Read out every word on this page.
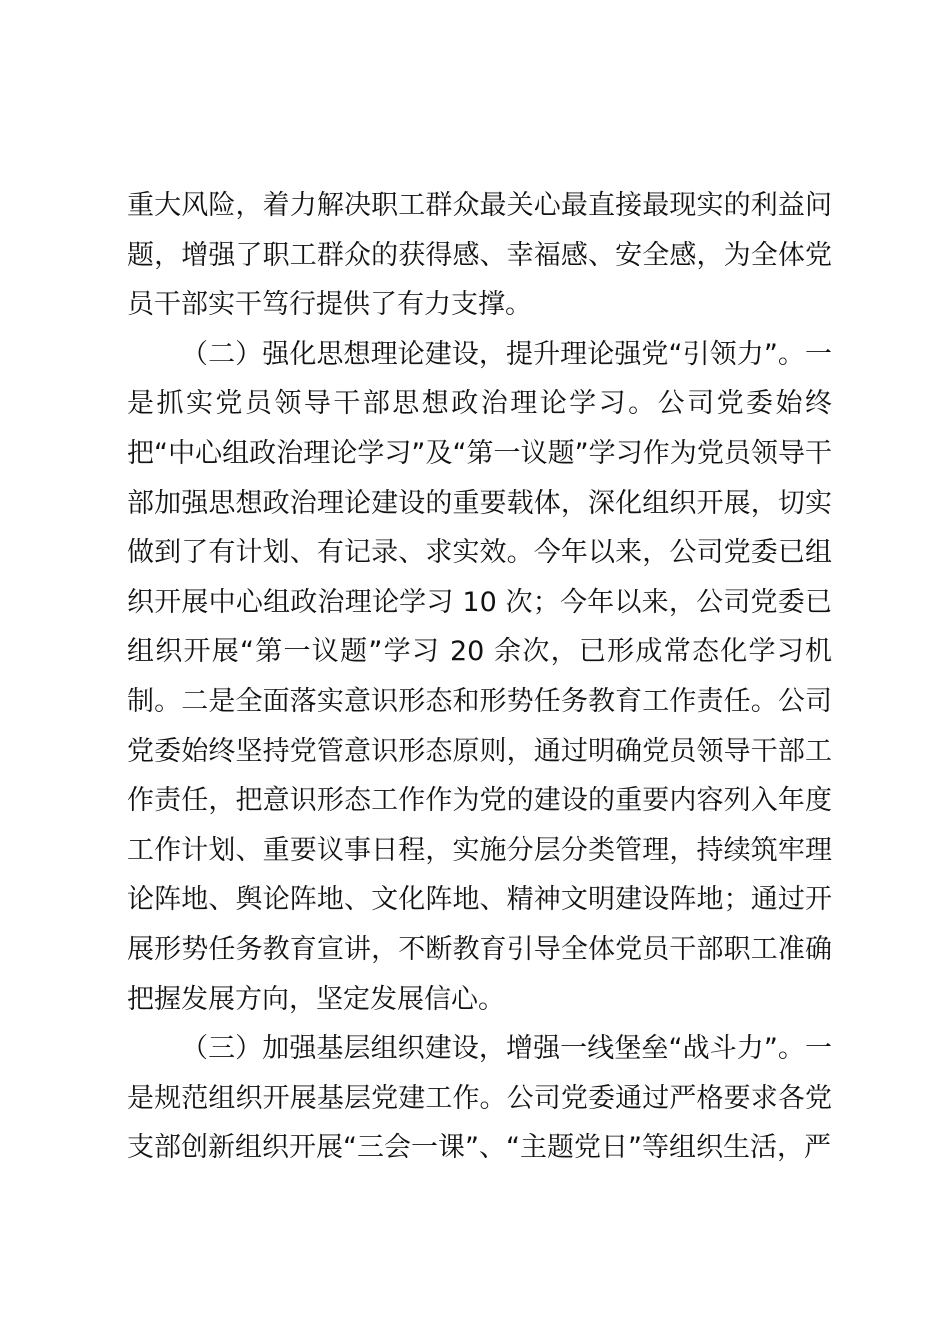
重大风险，着力解决职工群众最关心最直接最现实的利益问题，增强了职工群众的获得感、幸福感、安全感，为全体党员干部实干笃行提供了有力支撑。

（二）强化思想理论建设，提升理论强党“引领力”。一是抓实党员领导干部思想政治理论学习。公司党委始终把“中心组政治理论学习”及“第一议题”学习作为党员领导干部加强思想政治理论建设的重要载体，深化组织开展，切实做到了有计划、有记录、求实效。今年以来，公司党委已组织开展中心组政治理论学习 10 次；今年以来，公司党委已组织开展“第一议题”学习 20 余次，已形成常态化学习机制。二是全面落实意识形态和形势任务教育工作责任。公司党委始终坚持党管意识形态原则，通过明确党员领导干部工作责任，把意识形态工作作为党的建设的重要内容列入年度工作计划、重要议事日程，实施分层分类管理，持续筑牢理论阵地、舆论阵地、文化阵地、精神文明建设阵地；通过开展形势任务教育宣讲，不断教育引导全体党员干部职工准确把握发展方向，坚定发展信心。

（三）加强基层组织建设，增强一线堡垒“战斗力”。一是规范组织开展基层党建工作。公司党委通过严格要求各党支部创新组织开展“三会一课”、“主题党日”等组织生活，严
